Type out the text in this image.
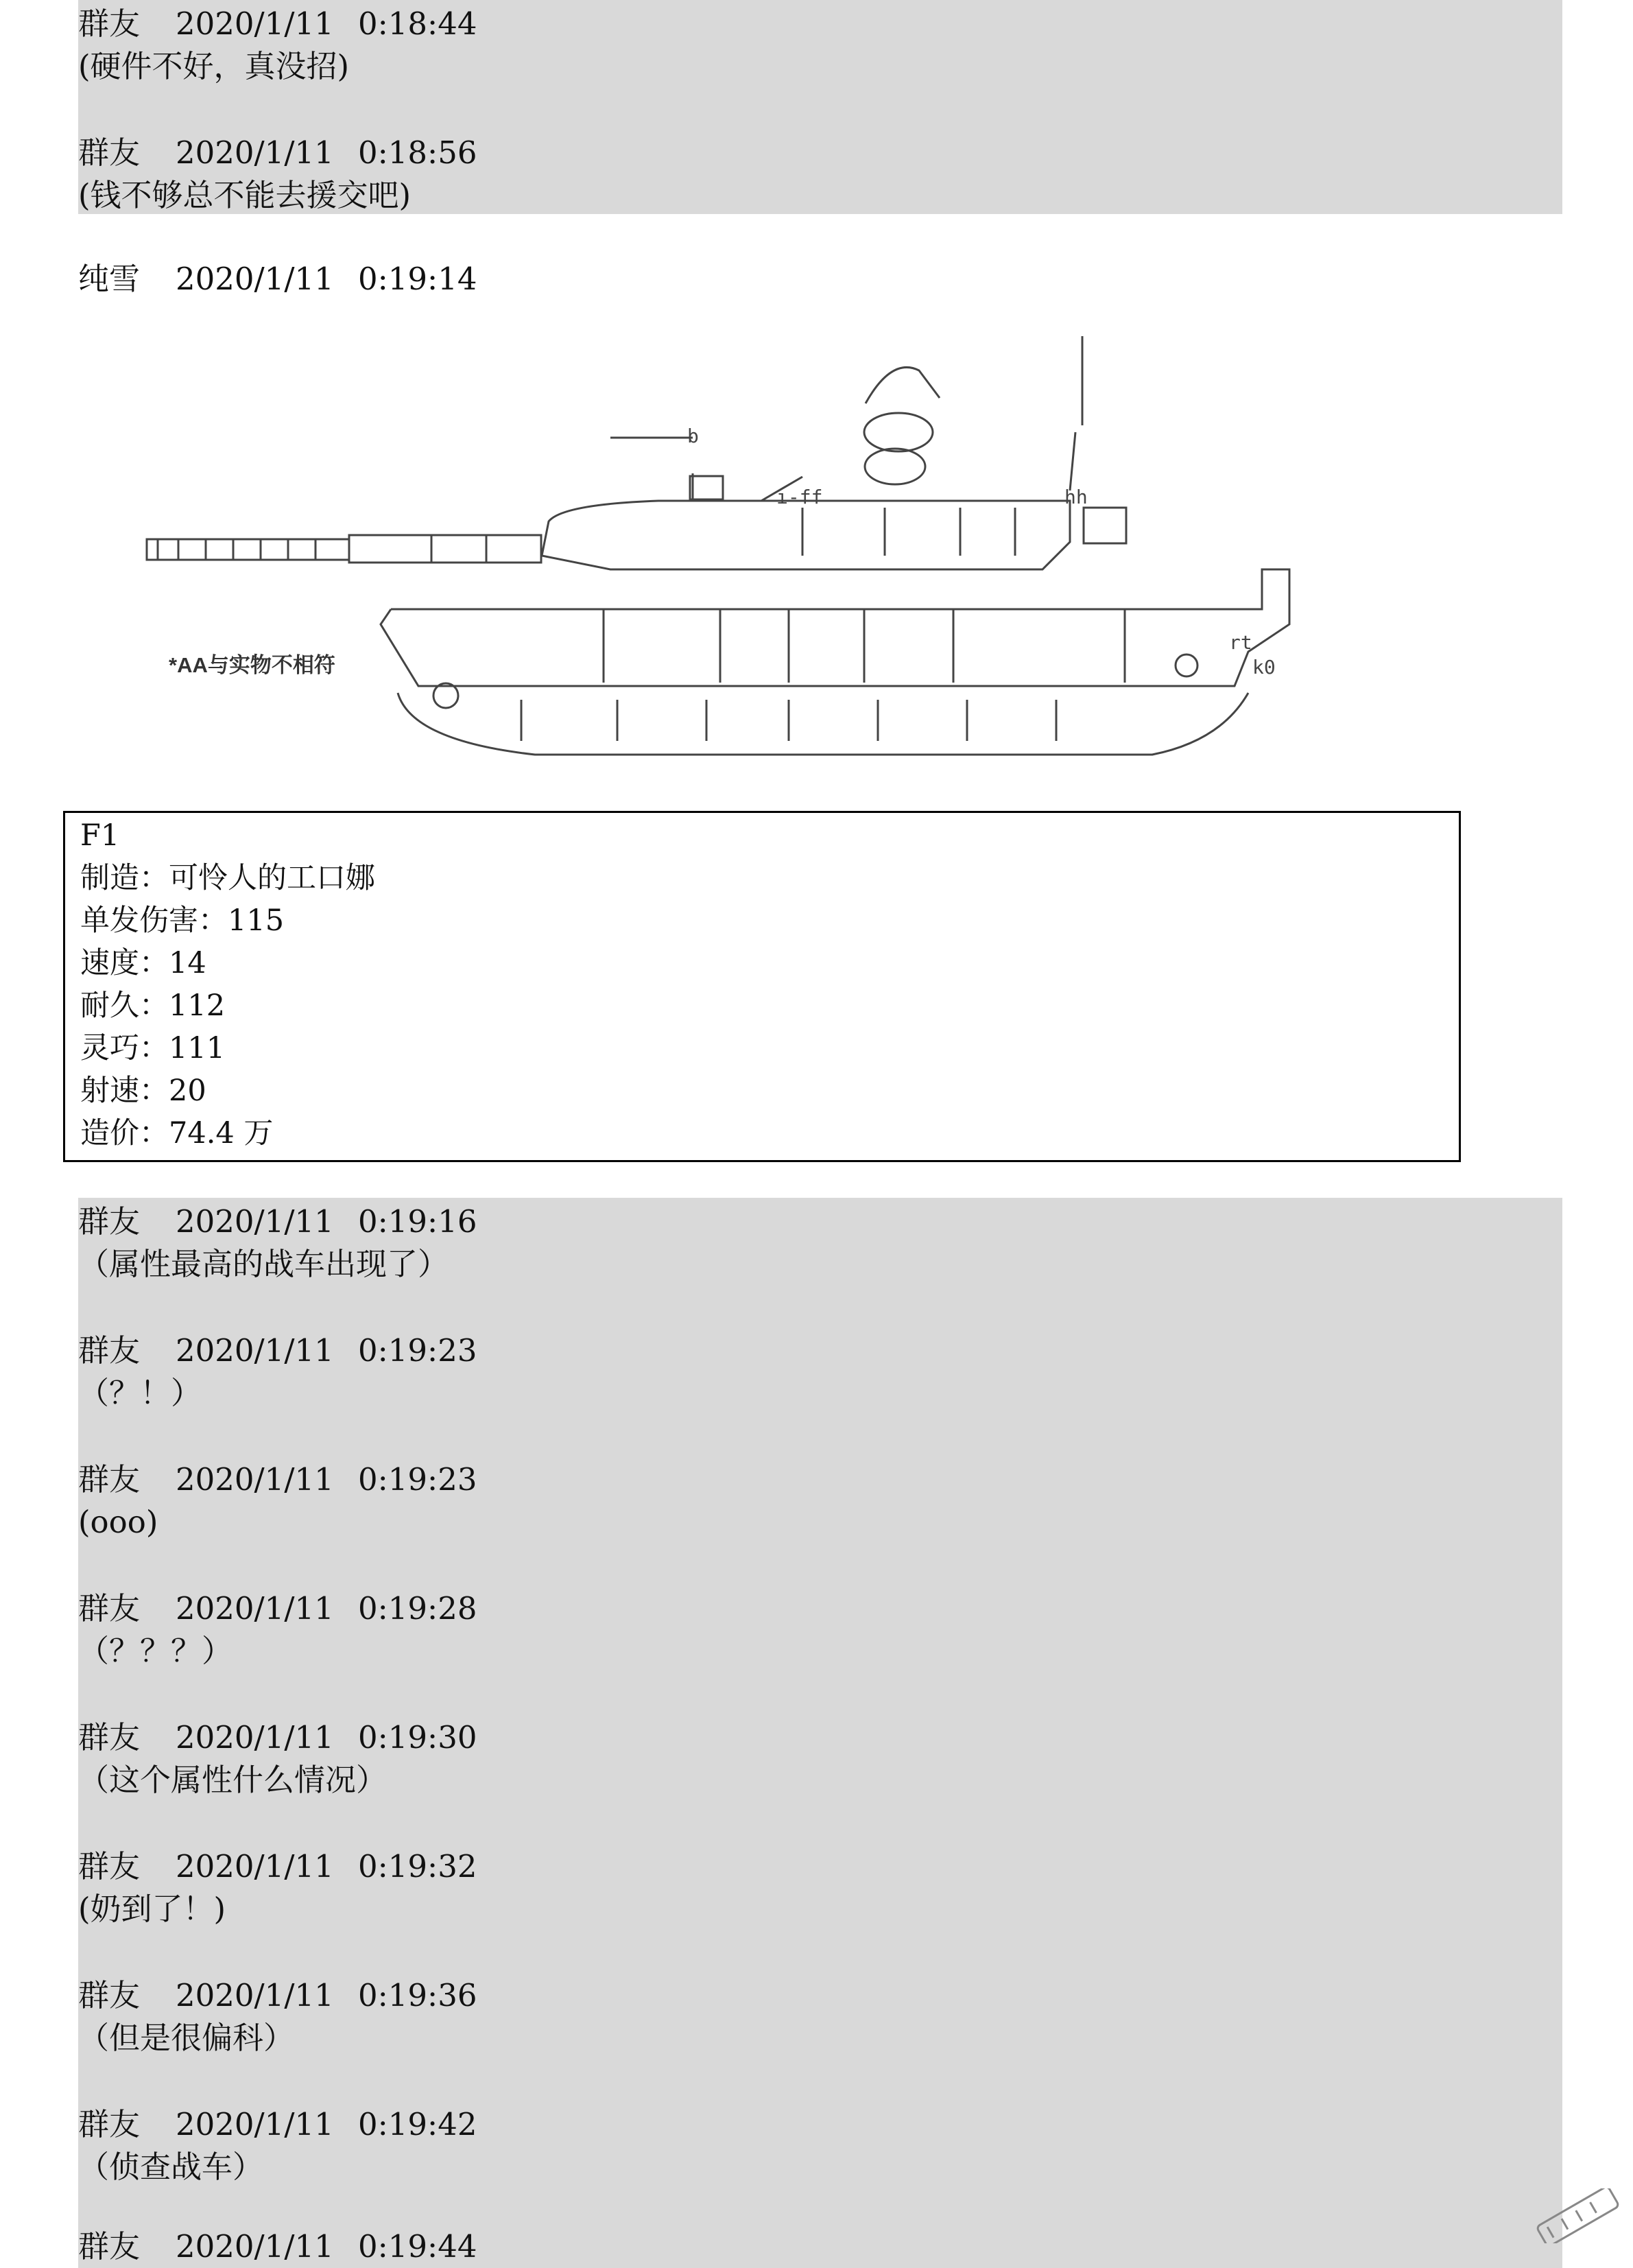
群友 2020/1/11 0:18:44
(硬件不好，真没招)
群友 2020/1/11 0:18:56
(钱不够总不能去援交吧)
纯雪 2020/1/11 0:19:14
b
ı-ff	hh
rt
k0
*AA与实物不相符
F1
制造：可怜人的工口娜
单发伤害：115
速度：14
耐久：112
灵巧：111
射速：20
造价：74.4 万
群友 2020/1/11 0:19:16
（属性最高的战车出现了）
群友 2020/1/11 0:19:23
（？！）
群友 2020/1/11 0:19:23
(ooo)
群友 2020/1/11 0:19:28
（？？？）
群友 2020/1/11 0:19:30
（这个属性什么情况）
群友 2020/1/11 0:19:32
(奶到了！)
群友 2020/1/11 0:19:36
（但是很偏科）
群友 2020/1/11 0:19:42
（侦查战车）
群友 2020/1/11 0:19:44
